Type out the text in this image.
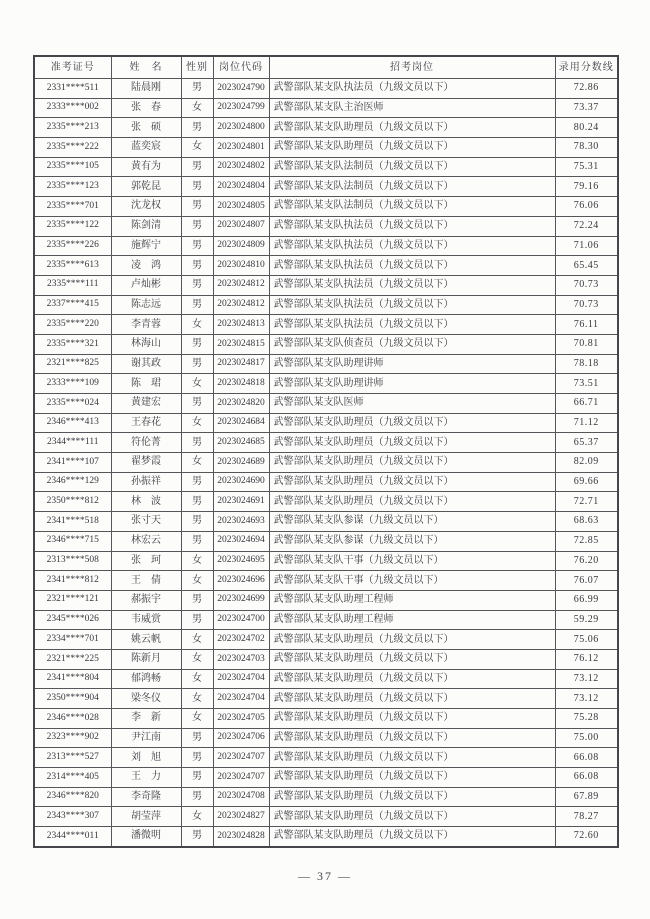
准考证号	姓　名	性别	岗位代码	招考岗位	录用分数线
2331****511	陆晨刚	男	2023024790	武警部队某支队执法员（九级文员以下）	72.86
2333****002	张　春	女	2023024799	武警部队某支队主治医师	73.37
2335****213	张　硕	男	2023024800	武警部队某支队助理员（九级文员以下）	80.24
2335****222	蓝奕宸	女	2023024801	武警部队某支队助理员（九级文员以下）	78.30
2335****105	黄有为	男	2023024802	武警部队某支队法制员（九级文员以下）	75.31
2335****123	郭乾昆	男	2023024804	武警部队某支队法制员（九级文员以下）	79.16
2335****701	沈龙权	男	2023024805	武警部队某支队法制员（九级文员以下）	76.06
2335****122	陈剑清	男	2023024807	武警部队某支队执法员（九级文员以下）	72.24
2335****226	施辉宁	男	2023024809	武警部队某支队执法员（九级文员以下）	71.06
2335****613	凌　鸿	男	2023024810	武警部队某支队执法员（九级文员以下）	65.45
2335****111	卢灿彬	男	2023024812	武警部队某支队执法员（九级文员以下）	70.73
2337****415	陈志远	男	2023024812	武警部队某支队执法员（九级文员以下）	70.73
2335****220	李青蓉	女	2023024813	武警部队某支队执法员（九级文员以下）	76.11
2335****321	林海山	男	2023024815	武警部队某支队侦查员（九级文员以下）	70.81
2321****825	谢其政	男	2023024817	武警部队某支队助理讲师	78.18
2333****109	陈　珺	女	2023024818	武警部队某支队助理讲师	73.51
2335****024	黄建宏	男	2023024820	武警部队某支队医师	66.71
2346****413	王春花	女	2023024684	武警部队某支队助理员（九级文员以下）	71.12
2344****111	符伦菁	男	2023024685	武警部队某支队助理员（九级文员以下）	65.37
2341****107	翟梦霞	女	2023024689	武警部队某支队助理员（九级文员以下）	82.09
2346****129	孙振祥	男	2023024690	武警部队某支队助理员（九级文员以下）	69.66
2350****812	林　波	男	2023024691	武警部队某支队助理员（九级文员以下）	72.71
2341****518	张寸天	男	2023024693	武警部队某支队参谋（九级文员以下）	68.63
2346****715	林宏云	男	2023024694	武警部队某支队参谋（九级文员以下）	72.85
2313****508	张　珂	女	2023024695	武警部队某支队干事（九级文员以下）	76.20
2341****812	王　倩	女	2023024696	武警部队某支队干事（九级文员以下）	76.07
2321****121	郝振宇	男	2023024699	武警部队某支队助理工程师	66.99
2345****026	韦威赏	男	2023024700	武警部队某支队助理工程师	59.29
2334****701	姚云帆	女	2023024702	武警部队某支队助理员（九级文员以下）	75.06
2321****225	陈新月	女	2023024703	武警部队某支队助理员（九级文员以下）	76.12
2341****804	郁鸿畅	女	2023024704	武警部队某支队助理员（九级文员以下）	73.12
2350****904	梁冬仪	女	2023024704	武警部队某支队助理员（九级文员以下）	73.12
2346****028	李　新	女	2023024705	武警部队某支队助理员（九级文员以下）	75.28
2323****902	尹江南	男	2023024706	武警部队某支队助理员（九级文员以下）	75.00
2313****527	刘　旭	男	2023024707	武警部队某支队助理员（九级文员以下）	66.08
2314****405	王　力	男	2023024707	武警部队某支队助理员（九级文员以下）	66.08
2346****820	李奇隆	男	2023024708	武警部队某支队助理员（九级文员以下）	67.89
2343****307	胡莹萍	女	2023024827	武警部队某支队助理员（九级文员以下）	78.27
2344****011	潘微明	男	2023024828	武警部队某支队助理员（九级文员以下）	72.60
— 37 —
